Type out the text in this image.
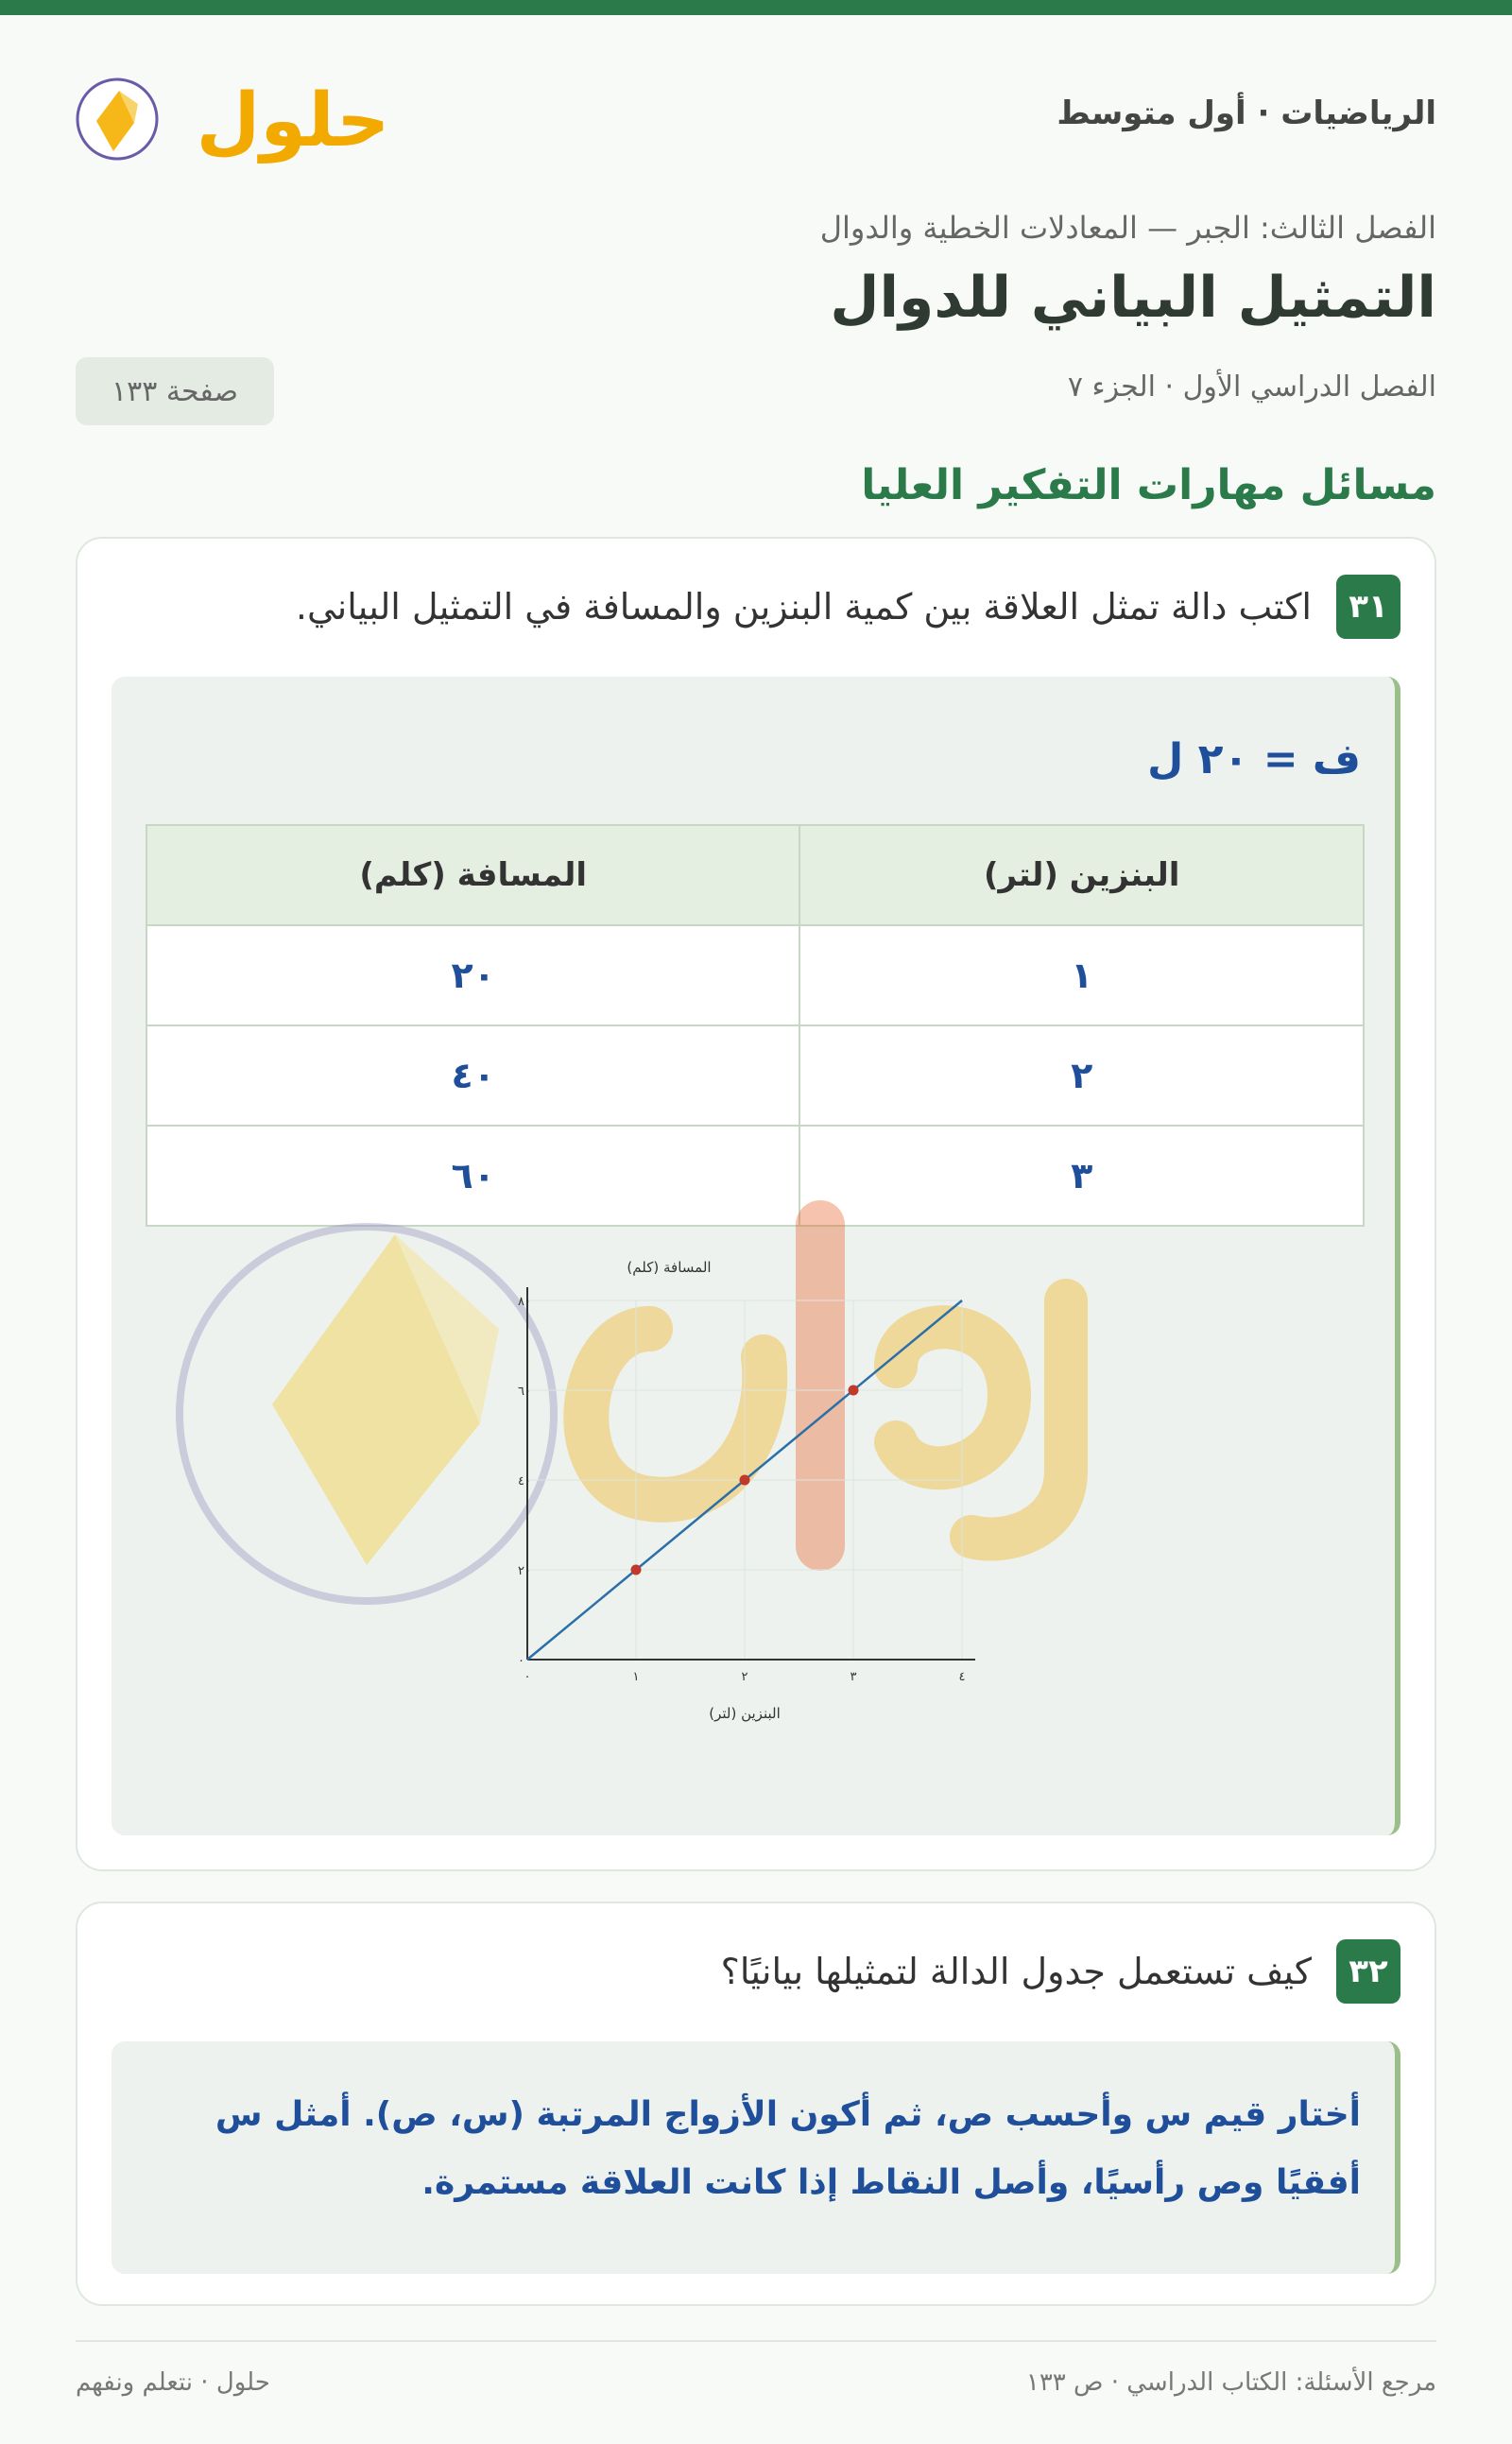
الرياضيات · أول متوسط
حلول
الفصل الثالث: الجبر — المعادلات الخطية والدوال
التمثيل البياني للدوال
الفصل الدراسي الأول · الجزء ٧
صفحة ١٣٣
مسائل مهارات التفكير العليا
٣١
اكتب دالة تمثل العلاقة بين كمية البنزين والمسافة في التمثيل البياني.
ف = ٢٠ ل
البنزين (لتر)	المسافة (كلم)
١	٢٠
٢	٤٠
٣	٦٠
٠	١	٢	٣	٤
٠
٢٠
٤٠
٦٠
٨٠
البنزين (لتر)
المسافة (كلم)
٣٢
كيف تستعمل جدول الدالة لتمثيلها بيانيًا؟
أختار قيم س وأحسب ص، ثم أكون الأزواج المرتبة (س، ص). أمثل س أفقيًا وص رأسيًا، وأصل النقاط إذا كانت العلاقة مستمرة.
مرجع الأسئلة: الكتاب الدراسي · ص ١٣٣
حلول · نتعلم ونفهم
